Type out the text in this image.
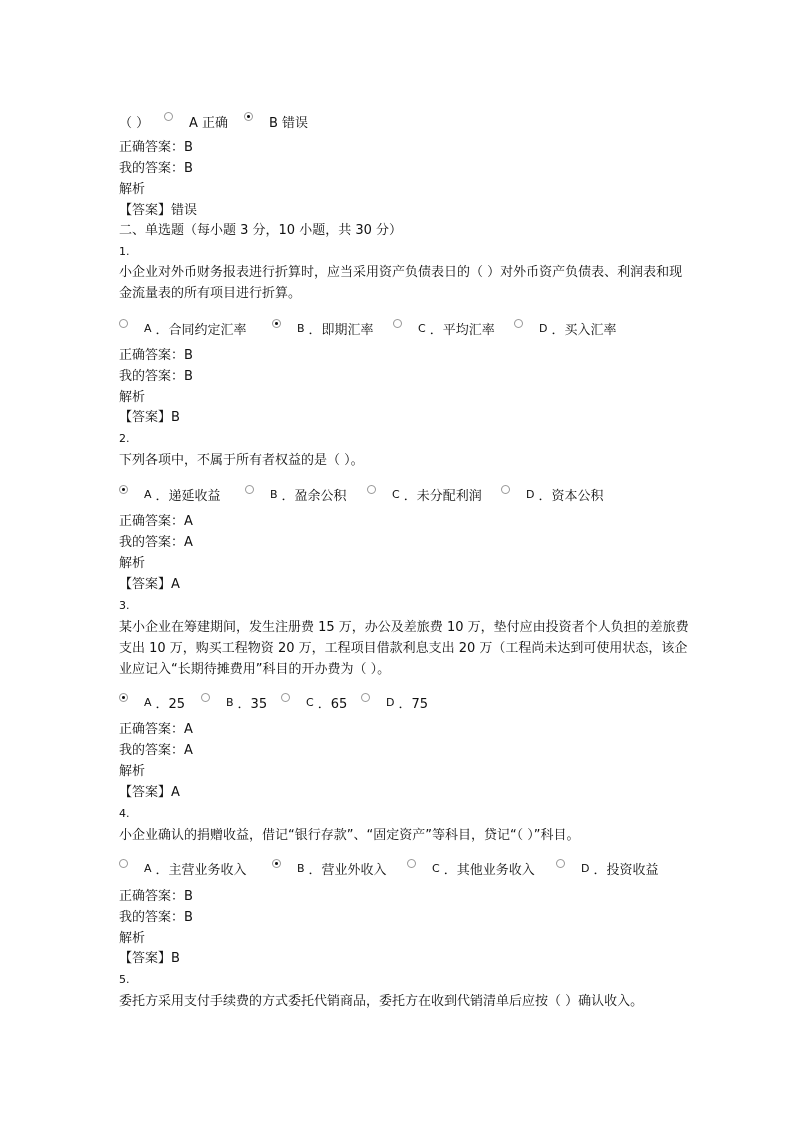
（ ）	A 正确	B 错误
正确答案：B
我的答案：B
解析
【答案】错误
二、单选题（每小题 3 分，10 小题，共 30 分）
1.
小企业对外币财务报表进行折算时，应当采用资产负债表日的（ ）对外币资产负债表、利润表和现金流量表的所有项目进行折算。
A ．合同约定汇率	B ．即期汇率	C ．平均汇率	D ．买入汇率
正确答案：B
我的答案：B
解析
【答案】B
2.
下列各项中，不属于所有者权益的是（ ）。
A ．递延收益	B ．盈余公积	C ．未分配利润	D ．资本公积
正确答案：A
我的答案：A
解析
【答案】A
3.
某小企业在筹建期间，发生注册费 15 万，办公及差旅费 10 万，垫付应由投资者个人负担的差旅费支出 10 万，购买工程物资 20 万，工程项目借款利息支出 20 万（工程尚未达到可使用状态，该企业应记入“长期待摊费用”科目的开办费为（ ）。
A ．25	B ．35	C ．65	D ．75
正确答案：A
我的答案：A
解析
【答案】A
4.
小企业确认的捐赠收益，借记“银行存款”、“固定资产”等科目，贷记“（ ）”科目。
A ．主营业务收入	B ．营业外收入	C ．其他业务收入	D ．投资收益
正确答案：B
我的答案：B
解析
【答案】B
5.
委托方采用支付手续费的方式委托代销商品，委托方在收到代销清单后应按（ ）确认收入。
